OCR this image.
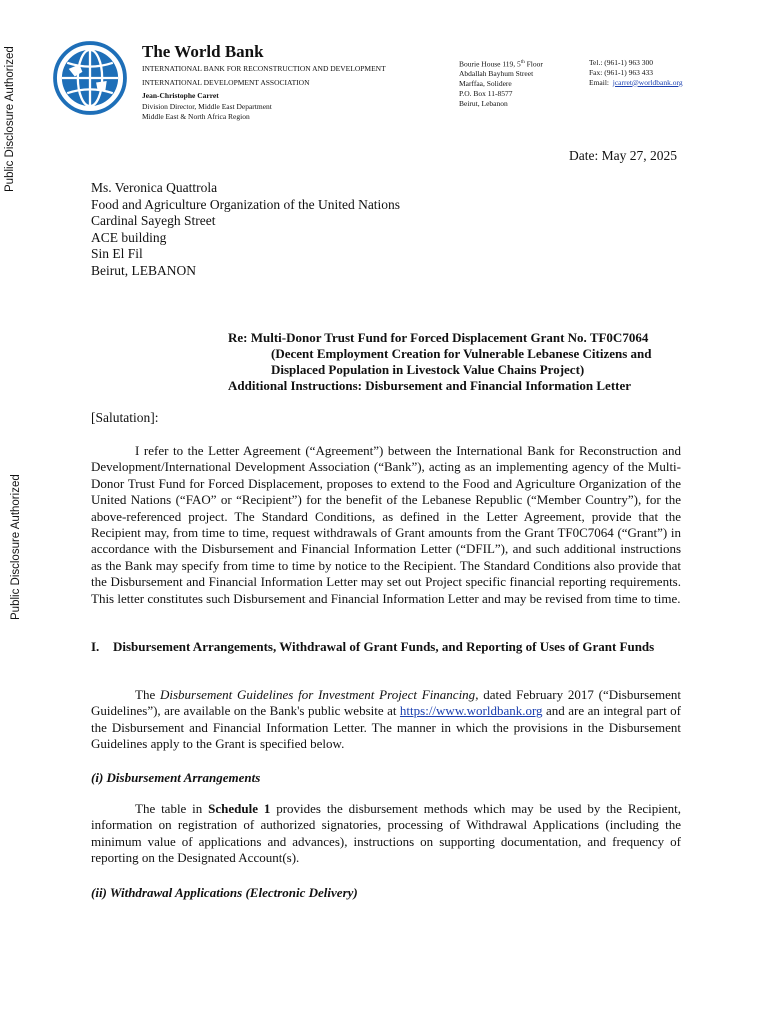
Public Disclosure Authorized
Public Disclosure Authorized
The World Bank
INTERNATIONAL BANK FOR RECONSTRUCTION AND DEVELOPMENT
INTERNATIONAL DEVELOPMENT ASSOCIATION
Jean-Christophe Carret
Division Director, Middle East Department
Middle East & North Africa Region
Bourie House 119, 5th Floor
Abdallah Bayhum Street
Marffaa, Solidere
P.O. Box 11-8577
Beirut, Lebanon
Tel.: (961-1) 963 300
Fax: (961-1) 963 433
Email: jcarret@worldbank.org
Date: May 27, 2025
Ms. Veronica Quattrola
Food and Agriculture Organization of the United Nations
Cardinal Sayegh Street
ACE building
Sin El Fil
Beirut, LEBANON
Re: Multi-Donor Trust Fund for Forced Displacement Grant No. TF0C7064
(Decent Employment Creation for Vulnerable Lebanese Citizens and
Displaced Population in Livestock Value Chains Project)
Additional Instructions: Disbursement and Financial Information Letter
[Salutation]:
I refer to the Letter Agreement (“Agreement”) between the International Bank for Reconstruction and Development/International Development Association (“Bank”), acting as an implementing agency of the Multi-Donor Trust Fund for Forced Displacement, proposes to extend to the Food and Agriculture Organization of the United Nations (“FAO” or “Recipient”) for the benefit of the Lebanese Republic (“Member Country”), for the above-referenced project. The Standard Conditions, as defined in the Letter Agreement, provide that the Recipient may, from time to time, request withdrawals of Grant amounts from the Grant TF0C7064 (“Grant”) in accordance with the Disbursement and Financial Information Letter (“DFIL”), and such additional instructions as the Bank may specify from time to time by notice to the Recipient. The Standard Conditions also provide that the Disbursement and Financial Information Letter may set out Project specific financial reporting requirements. This letter constitutes such Disbursement and Financial Information Letter and may be revised from time to time.
I. Disbursement Arrangements, Withdrawal of Grant Funds, and Reporting of Uses of Grant Funds
The Disbursement Guidelines for Investment Project Financing, dated February 2017 (“Disbursement Guidelines”), are available on the Bank's public website at https://www.worldbank.org and are an integral part of the Disbursement and Financial Information Letter. The manner in which the provisions in the Disbursement Guidelines apply to the Grant is specified below.
(i) Disbursement Arrangements
The table in Schedule 1 provides the disbursement methods which may be used by the Recipient, information on registration of authorized signatories, processing of Withdrawal Applications (including the minimum value of applications and advances), instructions on supporting documentation, and frequency of reporting on the Designated Account(s).
(ii) Withdrawal Applications (Electronic Delivery)
